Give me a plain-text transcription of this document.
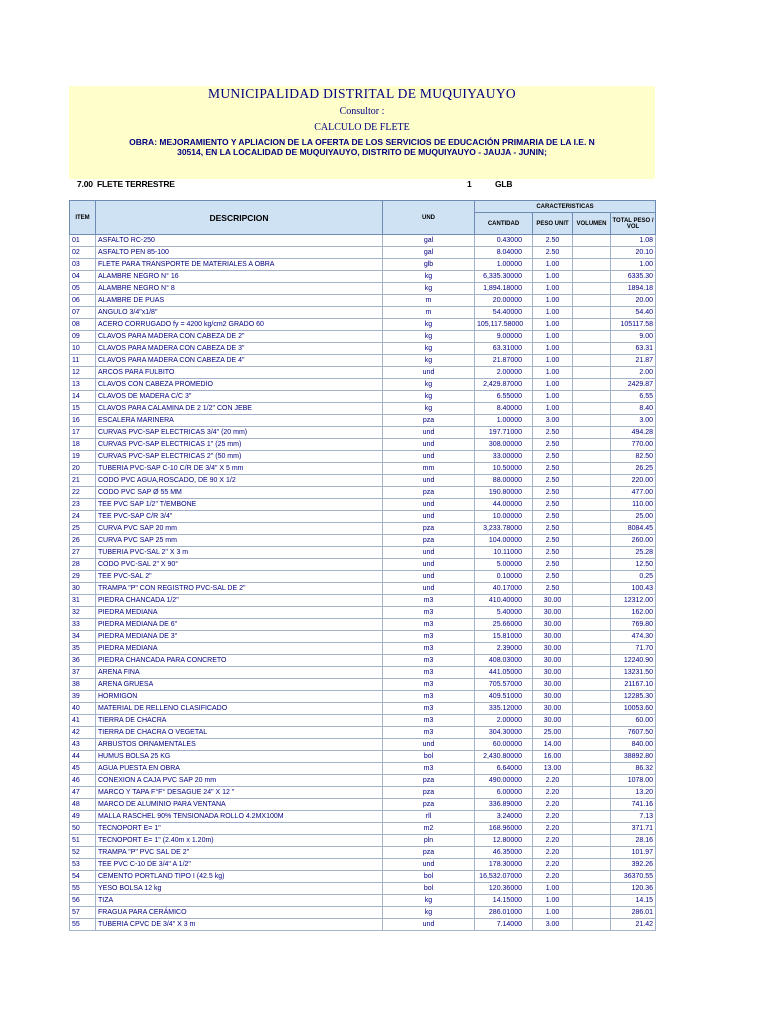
MUNICIPALIDAD DISTRITAL DE MUQUIYAUYO
Consultor :
CALCULO DE FLETE
OBRA: MEJORAMIENTO Y APLIACION DE LA OFERTA DE LOS SERVICIOS DE EDUCACIÓN PRIMARIA DE LA I.E. N 30514, EN LA LOCALIDAD DE MUQUIYAUYO, DISTRITO DE MUQUIYAUYO - JAUJA - JUNIN;
7.00 FLETE TERRESTRE	1	GLB
ITEM	DESCRIPCION	UND	CARACTERISTICAS			
			CANTIDAD	PESO UNIT	VOLUMEN	TOTAL PESO / VOL
01	ASFALTO RC-250	gal	0.43000	2.50		1.08
02	ASFALTO PEN 85-100	gal	8.04000	2.50		20.10
03	FLETE PARA TRANSPORTE DE MATERIALES A OBRA	glb	1.00000	1.00		1.00
04	ALAMBRE NEGRO N° 16	kg	6,335.30000	1.00		6335.30
05	ALAMBRE NEGRO N° 8	kg	1,894.18000	1.00		1894.18
06	ALAMBRE DE PUAS	m	20.00000	1.00		20.00
07	ANGULO 3/4"x1/8"	m	54.40000	1.00		54.40
08	ACERO CORRUGADO fy = 4200 kg/cm2 GRADO 60	kg	105,117.58000	1.00		105117.58
09	CLAVOS PARA MADERA CON CABEZA DE 2"	kg	9.00000	1.00		9.00
10	CLAVOS PARA MADERA CON CABEZA DE 3"	kg	63.31000	1.00		63.31
11	CLAVOS PARA MADERA CON CABEZA DE 4"	kg	21.87000	1.00		21.87
12	ARCOS PARA FULBITO	und	2.00000	1.00		2.00
13	CLAVOS CON CABEZA PROMEDIO	kg	2,429.87000	1.00		2429.87
14	CLAVOS DE MADERA C/C 3"	kg	6.55000	1.00		6.55
15	CLAVOS PARA CALAMINA DE 2 1/2" CON JEBE	kg	8.40000	1.00		8.40
16	ESCALERA MARINERA	pza	1.00000	3.00		3.00
17	CURVAS PVC-SAP ELECTRICAS 3/4" (20 mm)	und	197.71000	2.50		494.28
18	CURVAS PVC-SAP ELECTRICAS 1" (25 mm)	und	308.00000	2.50		770.00
19	CURVAS PVC-SAP ELECTRICAS 2" (50 mm)	und	33.00000	2.50		82.50
20	TUBERIA PVC-SAP C-10 C/R DE 3/4" X 5 mm	mm	10.50000	2.50		26.25
21	CODO PVC AGUA,ROSCADO, DE 90 X 1/2	und	88.00000	2.50		220.00
22	CODO PVC SAP Ø 55 MM	pza	190.80000	2.50		477.00
23	TEE PVC SAP 1/2" T/EMBONE	und	44.00000	2.50		110.00
24	TEE PVC-SAP C/R 3/4"	und	10.00000	2.50		25.00
25	CURVA PVC SAP 20 mm	pza	3,233.78000	2.50		8084.45
26	CURVA PVC SAP 25 mm	pza	104.00000	2.50		260.00
27	TUBERIA PVC-SAL 2" X 3 m	und	10.11000	2.50		25.28
28	CODO PVC-SAL 2" X 90°	und	5.00000	2.50		12.50
29	TEE PVC-SAL 2"	und	0.10000	2.50		0.25
30	TRAMPA "P" CON REGISTRO PVC-SAL DE 2"	und	40.17000	2.50		100.43
31	PIEDRA CHANCADA 1/2"	m3	410.40000	30.00		12312.00
32	PIEDRA MEDIANA	m3	5.40000	30.00		162.00
33	PIEDRA MEDIANA DE 6"	m3	25.66000	30.00		769.80
34	PIEDRA MEDIANA DE 3"	m3	15.81000	30.00		474.30
35	PIEDRA MEDIANA	m3	2.39000	30.00		71.70
36	PIEDRA CHANCADA PARA CONCRETO	m3	408.03000	30.00		12240.90
37	ARENA FINA	m3	441.05000	30.00		13231.50
38	ARENA GRUESA	m3	705.57000	30.00		21167.10
39	HORMIGON	m3	409.51000	30.00		12285.30
40	MATERIAL DE RELLENO CLASIFICADO	m3	335.12000	30.00		10053.60
41	TIERRA DE CHACRA	m3	2.00000	30.00		60.00
42	TIERRA DE CHACRA O VEGETAL	m3	304.30000	25.00		7607.50
43	ARBUSTOS ORNAMENTALES	und	60.00000	14.00		840.00
44	HUMUS BOLSA 25 KG	bol	2,430.80000	16.00		38892.80
45	AGUA PUESTA EN OBRA	m3	6.64000	13.00		86.32
46	CONEXION A CAJA PVC SAP 20 mm	pza	490.00000	2.20		1078.00
47	MARCO Y TAPA F°F° DESAGUE 24" X 12 "	pza	6.00000	2.20		13.20
48	MARCO DE ALUMINIO PARA VENTANA	pza	336.89000	2.20		741.16
49	MALLA RASCHEL 90% TENSIONADA ROLLO 4.2MX100M	rll	3.24000	2.20		7.13
50	TECNOPORT E= 1"	m2	168.96000	2.20		371.71
51	TECNOPORT E= 1" (2.40m x 1.20m)	pln	12.80000	2.20		28.16
52	TRAMPA "P" PVC SAL DE 2"	pza	46.35000	2.20		101.97
53	TEE PVC C-10 DE 3/4" A 1/2"	und	178.30000	2.20		392.26
54	CEMENTO PORTLAND TIPO I (42.5 kg)	bol	16,532.07000	2.20		36370.55
55	YESO BOLSA 12 kg	bol	120.36000	1.00		120.36
56	TIZA	kg	14.15000	1.00		14.15
57	FRAGUA PARA CERÁMICO	kg	286.01000	1.00		286.01
55	TUBERIA CPVC DE 3/4" X 3 m	und	7.14000	3.00		21.42
